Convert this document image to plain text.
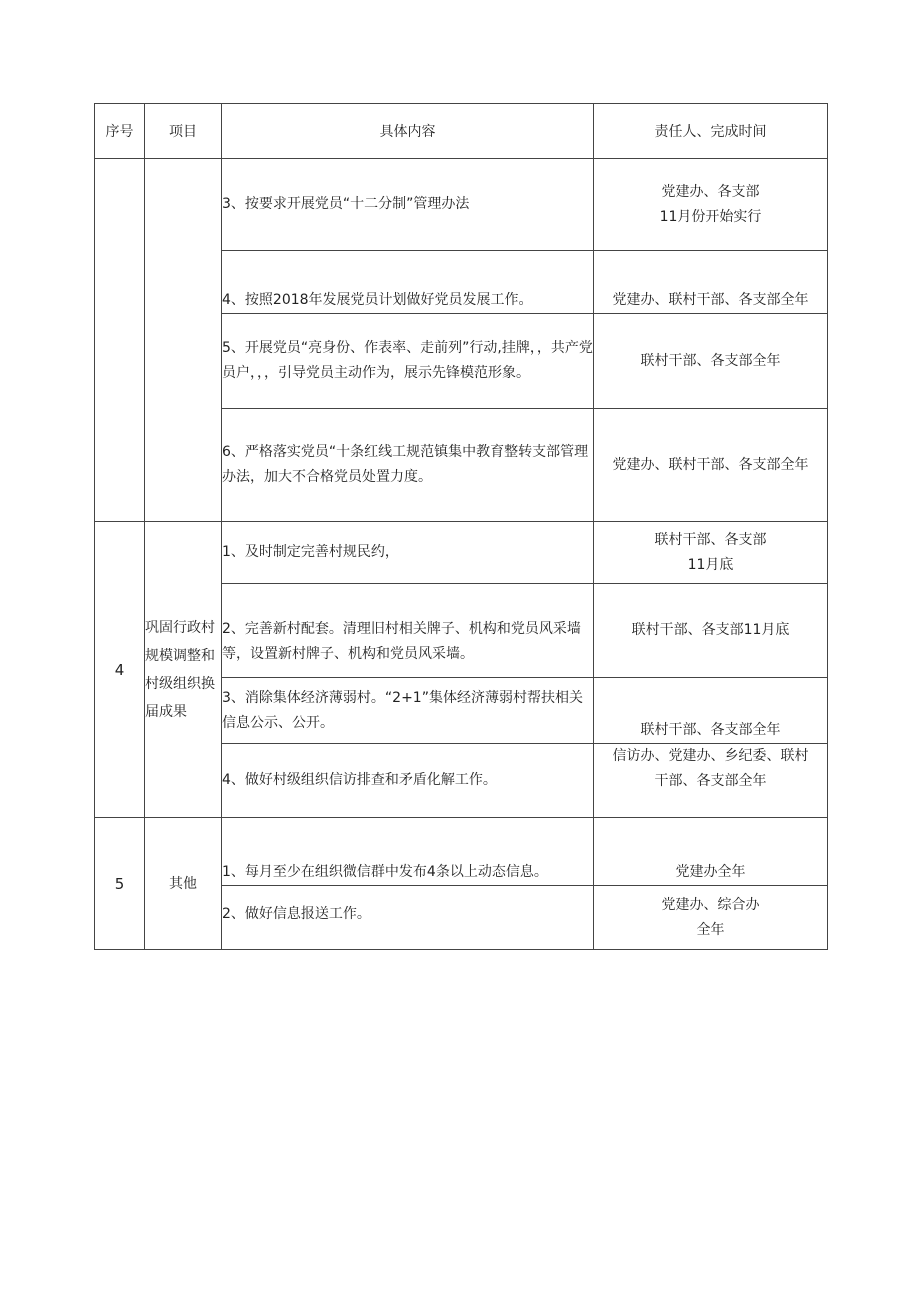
序号	项目	具体内容	责任人、完成时间
		3、按要求开展党员“十二分制”管理办法	党建办、各支部
11月份开始实行

		4、按照2018年发展党员计划做好党员发展工作。	党建办、联村干部、各支部全年
		5、开展党员“亮身份、作表率、走前列”行动,挂牌，，共产党员户，，，引导党员主动作为，展示先锋模范形象。	联村干部、各支部全年
		6、严格落实党员“十条红线工规范镇集中教育整转支部管理办法，加大不合格党员处置力度。	党建办、联村干部、各支部全年
4	巩固行政村规模调整和村级组织换届成果	1、及时制定完善村规民约，	联村干部、各支部
11月底

		2、完善新村配套。清理旧村相关牌子、机构和党员风采墙等，设置新村牌子、机构和党员风采墙。	联村干部、各支部11月底
		3、消除集体经济薄弱村。“2+1”集体经济薄弱村帮扶相关信息公示、公开。	联村干部、各支部全年
		4、做好村级组织信访排查和矛盾化解工作。	信访办、党建办、乡纪委、联村
干部、各支部全年

5	其他	1、每月至少在组织微信群中发布4条以上动态信息。	党建办全年
		2、做好信息报送工作。	党建办、综合办
全年
